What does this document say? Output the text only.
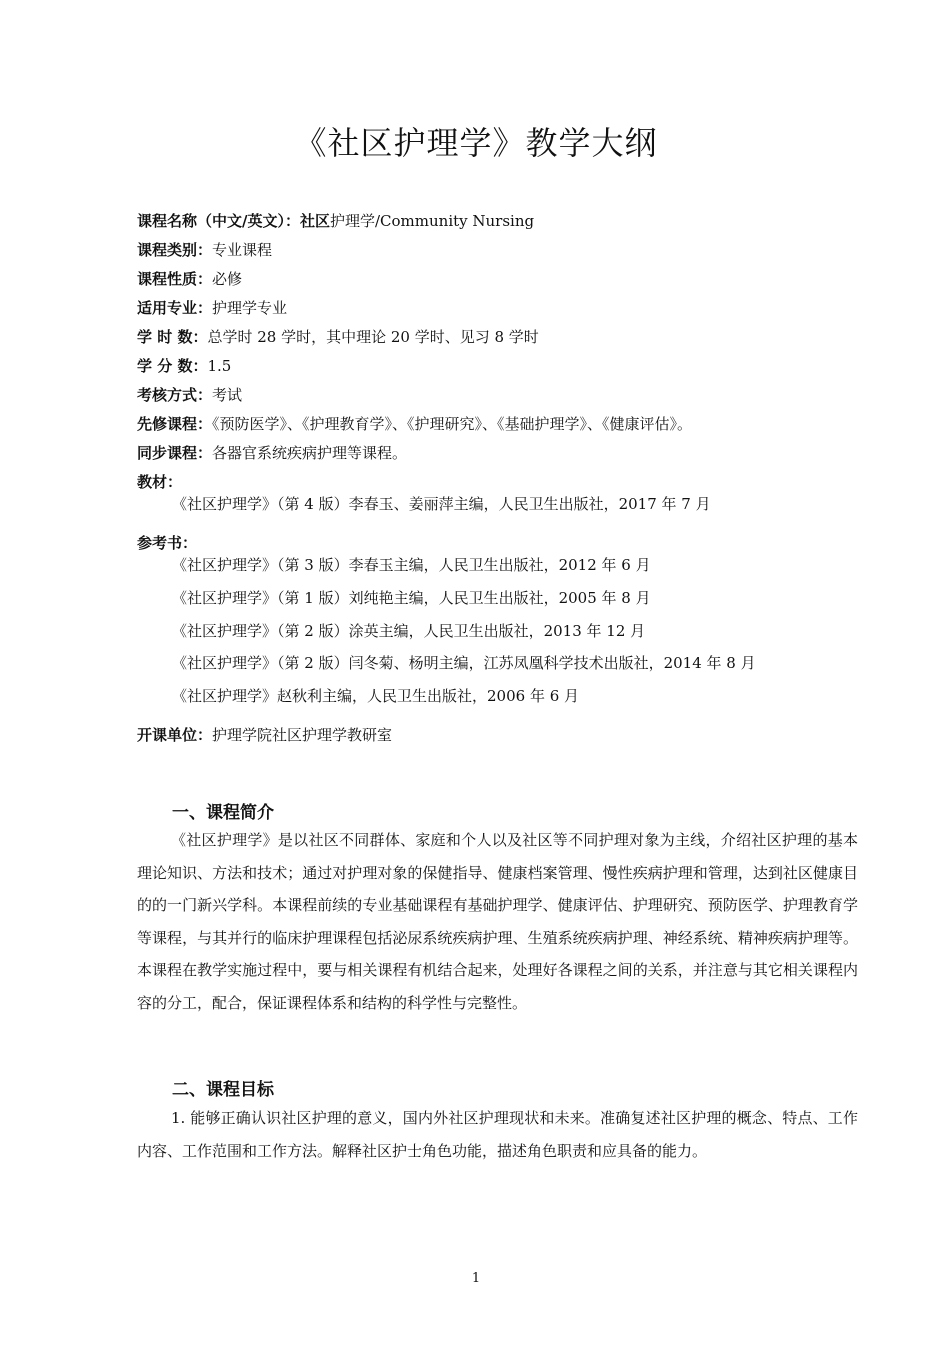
《社区护理学》教学大纲
课程名称（中文/英文）：社区护理学/Community Nursing
课程类别：专业课程
课程性质：必修
适用专业：护理学专业
学 时 数：总学时 28 学时，其中理论 20 学时、见习 8 学时
学 分 数：1.5
考核方式：考试
先修课程：《预防医学》、《护理教育学》、《护理研究》、《基础护理学》、《健康评估》。
同步课程：各器官系统疾病护理等课程。
教材：
《社区护理学》（第 4 版）李春玉、姜丽萍主编，人民卫生出版社，2017 年 7 月
参考书：
《社区护理学》（第 3 版）李春玉主编，人民卫生出版社，2012 年 6 月
《社区护理学》（第 1 版）刘纯艳主编，人民卫生出版社，2005 年 8 月
《社区护理学》（第 2 版）涂英主编，人民卫生出版社，2013 年 12 月
《社区护理学》（第 2 版）闫冬菊、杨明主编，江苏凤凰科学技术出版社，2014 年 8 月
《社区护理学》赵秋利主编，人民卫生出版社，2006 年 6 月
开课单位：护理学院社区护理学教研室
一、课程简介
《社区护理学》是以社区不同群体、家庭和个人以及社区等不同护理对象为主线，介绍社区护理的基本理论知识、方法和技术；通过对护理对象的保健指导、健康档案管理、慢性疾病护理和管理，达到社区健康目的的一门新兴学科。本课程前续的专业基础课程有基础护理学、健康评估、护理研究、预防医学、护理教育学等课程，与其并行的临床护理课程包括泌尿系统疾病护理、生殖系统疾病护理、神经系统、精神疾病护理等。本课程在教学实施过程中，要与相关课程有机结合起来，处理好各课程之间的关系，并注意与其它相关课程内容的分工，配合，保证课程体系和结构的科学性与完整性。
二、课程目标
1. 能够正确认识社区护理的意义，国内外社区护理现状和未来。准确复述社区护理的概念、特点、工作内容、工作范围和工作方法。解释社区护士角色功能，描述角色职责和应具备的能力。
1
